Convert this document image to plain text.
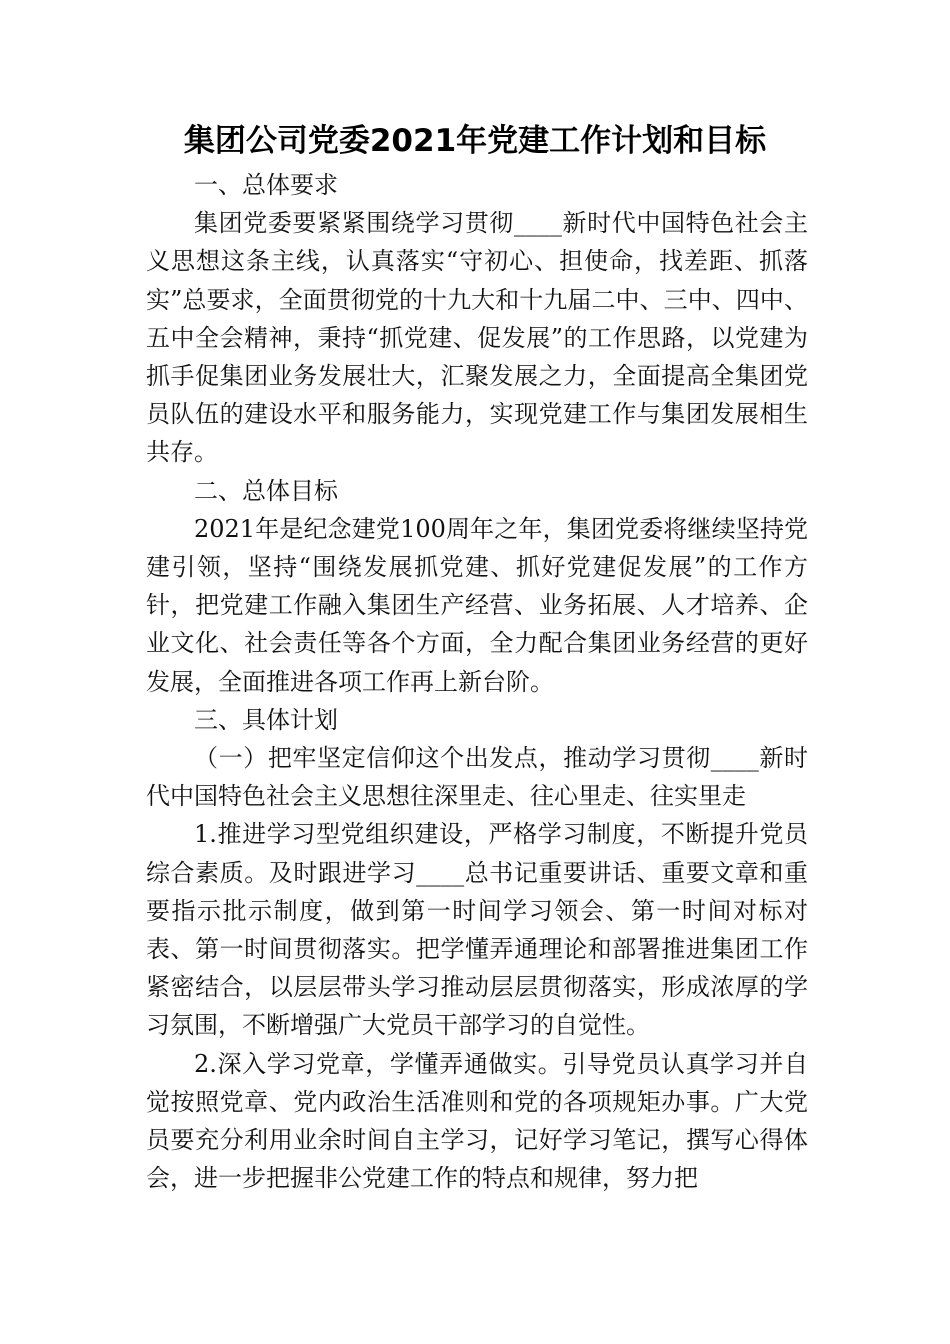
集团公司党委2021年党建工作计划和目标

一、总体要求

集团党委要紧紧围绕学习贯彻____新时代中国特色社会主义思想这条主线，认真落实“守初心、担使命，找差距、抓落实”总要求，全面贯彻党的十九大和十九届二中、三中、四中、五中全会精神，秉持“抓党建、促发展”的工作思路，以党建为抓手促集团业务发展壮大，汇聚发展之力，全面提高全集团党员队伍的建设水平和服务能力，实现党建工作与集团发展相生共存。

二、总体目标

2021年是纪念建党100周年之年，集团党委将继续坚持党建引领，坚持“围绕发展抓党建、抓好党建促发展”的工作方针，把党建工作融入集团生产经营、业务拓展、人才培养、企业文化、社会责任等各个方面，全力配合集团业务经营的更好发展，全面推进各项工作再上新台阶。

三、具体计划

（一）把牢坚定信仰这个出发点，推动学习贯彻____新时代中国特色社会主义思想往深里走、往心里走、往实里走

1.推进学习型党组织建设，严格学习制度，不断提升党员综合素质。及时跟进学习____总书记重要讲话、重要文章和重要指示批示制度，做到第一时间学习领会、第一时间对标对表、第一时间贯彻落实。把学懂弄通理论和部署推进集团工作紧密结合，以层层带头学习推动层层贯彻落实，形成浓厚的学习氛围，不断增强广大党员干部学习的自觉性。

2.深入学习党章，学懂弄通做实。引导党员认真学习并自觉按照党章、党内政治生活准则和党的各项规矩办事。广大党员要充分利用业余时间自主学习，记好学习笔记，撰写心得体会，进一步把握非公党建工作的特点和规律，努力把
